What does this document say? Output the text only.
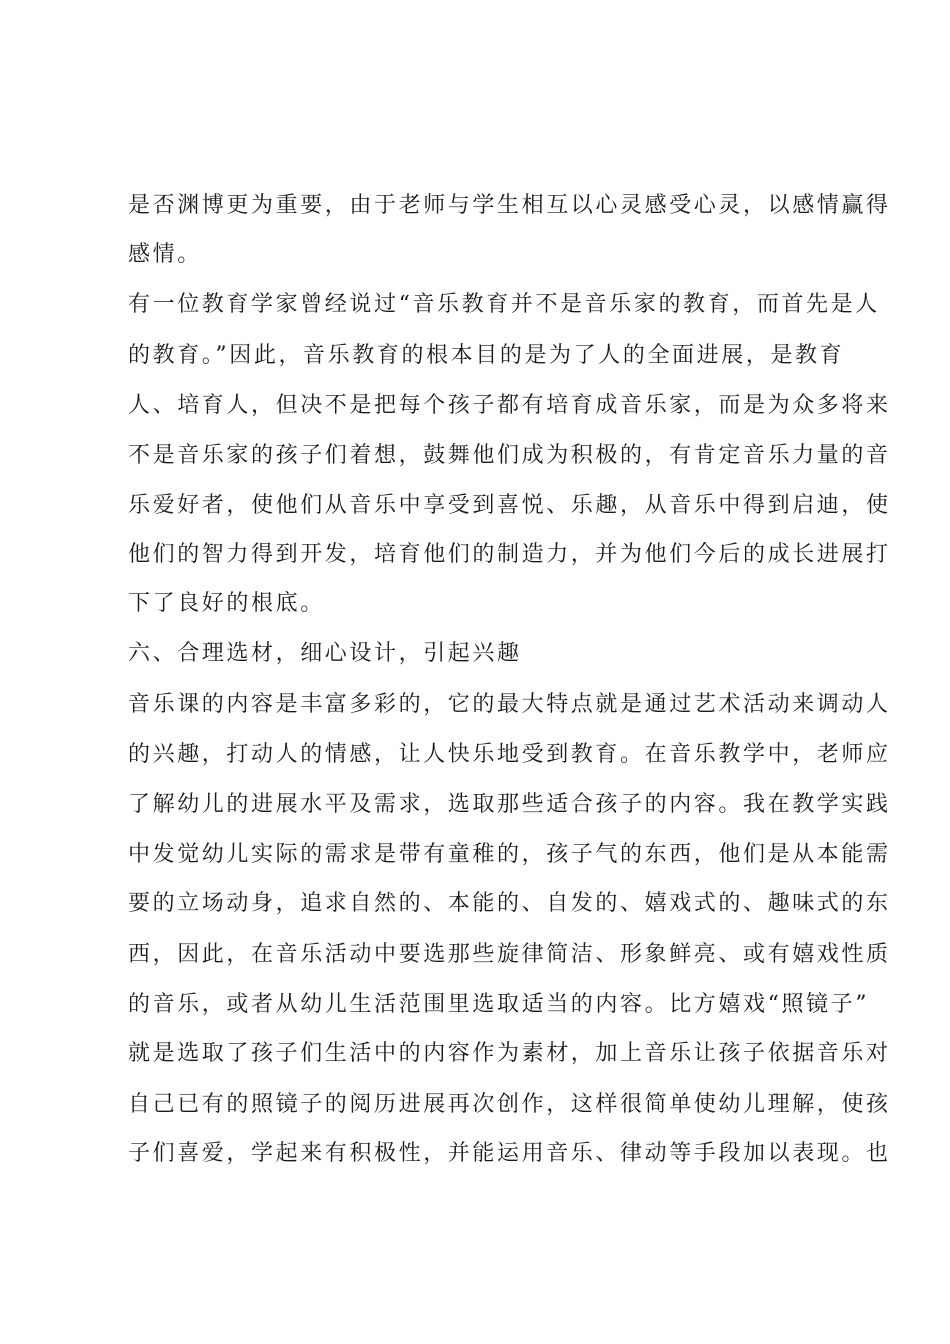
是否渊博更为重要，由于老师与学生相互以心灵感受心灵，以感情赢得
感情。
有一位教育学家曾经说过“音乐教育并不是音乐家的教育，而首先是人
的教育。”因此，音乐教育的根本目的是为了人的全面进展，是教育
人、培育人，但决不是把每个孩子都有培育成音乐家，而是为众多将来
不是音乐家的孩子们着想，鼓舞他们成为积极的，有肯定音乐力量的音
乐爱好者，使他们从音乐中享受到喜悦、乐趣，从音乐中得到启迪，使
他们的智力得到开发，培育他们的制造力，并为他们今后的成长进展打
下了良好的根底。
六、合理选材，细心设计，引起兴趣
音乐课的内容是丰富多彩的，它的最大特点就是通过艺术活动来调动人
的兴趣，打动人的情感，让人快乐地受到教育。在音乐教学中，老师应
了解幼儿的进展水平及需求，选取那些适合孩子的内容。我在教学实践
中发觉幼儿实际的需求是带有童稚的，孩子气的东西，他们是从本能需
要的立场动身，追求自然的、本能的、自发的、嬉戏式的、趣味式的东
西，因此，在音乐活动中要选那些旋律简洁、形象鲜亮、或有嬉戏性质
的音乐，或者从幼儿生活范围里选取适当的内容。比方嬉戏“照镜子”
就是选取了孩子们生活中的内容作为素材，加上音乐让孩子依据音乐对
自己已有的照镜子的阅历进展再次创作，这样很简单使幼儿理解，使孩
子们喜爱，学起来有积极性，并能运用音乐、律动等手段加以表现。也
